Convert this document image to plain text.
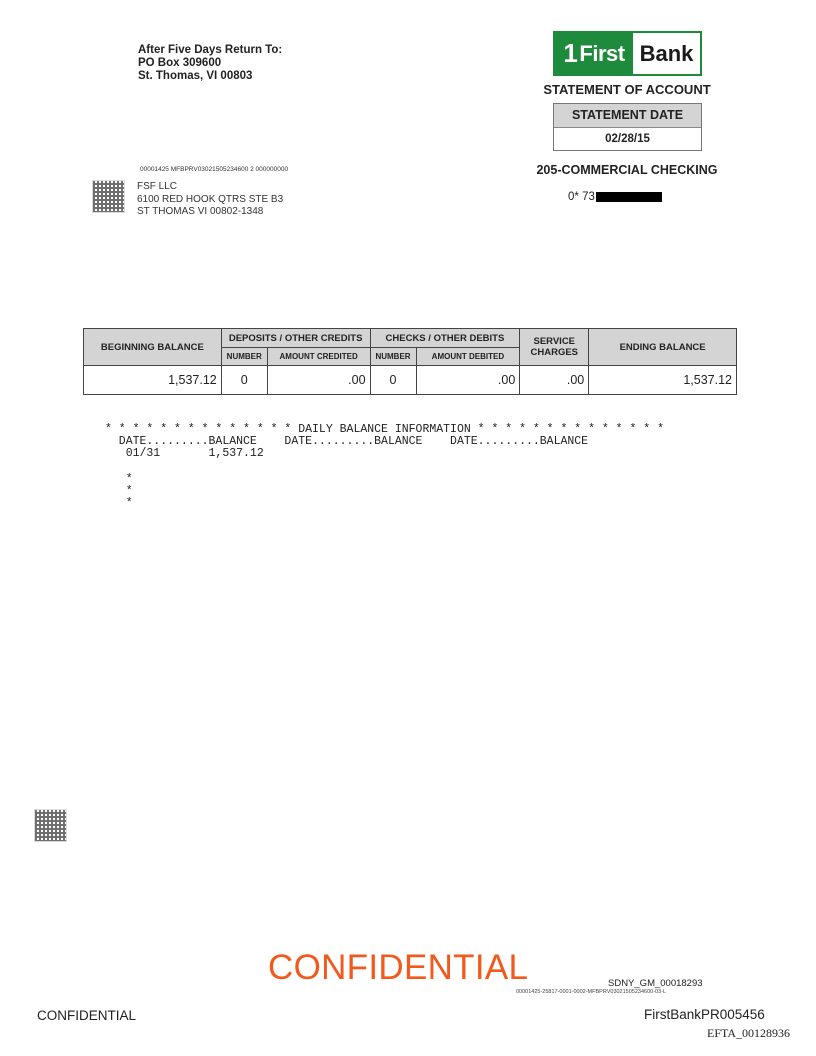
After Five Days Return To:
PO Box 309600
St. Thomas, VI 00803
1 First Bank
STATEMENT OF ACCOUNT
STATEMENT DATE
02/28/15
205-COMMERCIAL CHECKING
0* 73
00001425 MFBPRV03021505234600 2 000000000
FSF LLC
6100 RED HOOK QTRS STE B3
ST THOMAS VI 00802-1348
BEGINNING BALANCE	DEPOSITS / OTHER CREDITS		CHECKS / OTHER DEBITS		SERVICE CHARGES	ENDING BALANCE
	NUMBER	AMOUNT CREDITED	NUMBER	AMOUNT DEBITED		
1,537.12	0	.00	0	.00	.00	1,537.12
* * * * * * * * * * * * * * DAILY BALANCE INFORMATION * * * * * * * * * * * * * *
DATE.........BALANCE    DATE.........BALANCE    DATE.........BALANCE
01/31       1,537.12
*
*
*
CONFIDENTIAL	SDNY_GM_00018293
00001425-25817-0001-0002-MFBPRV03021505234600-03-L
CONFIDENTIAL	FirstBankPR005456
EFTA_00128936
